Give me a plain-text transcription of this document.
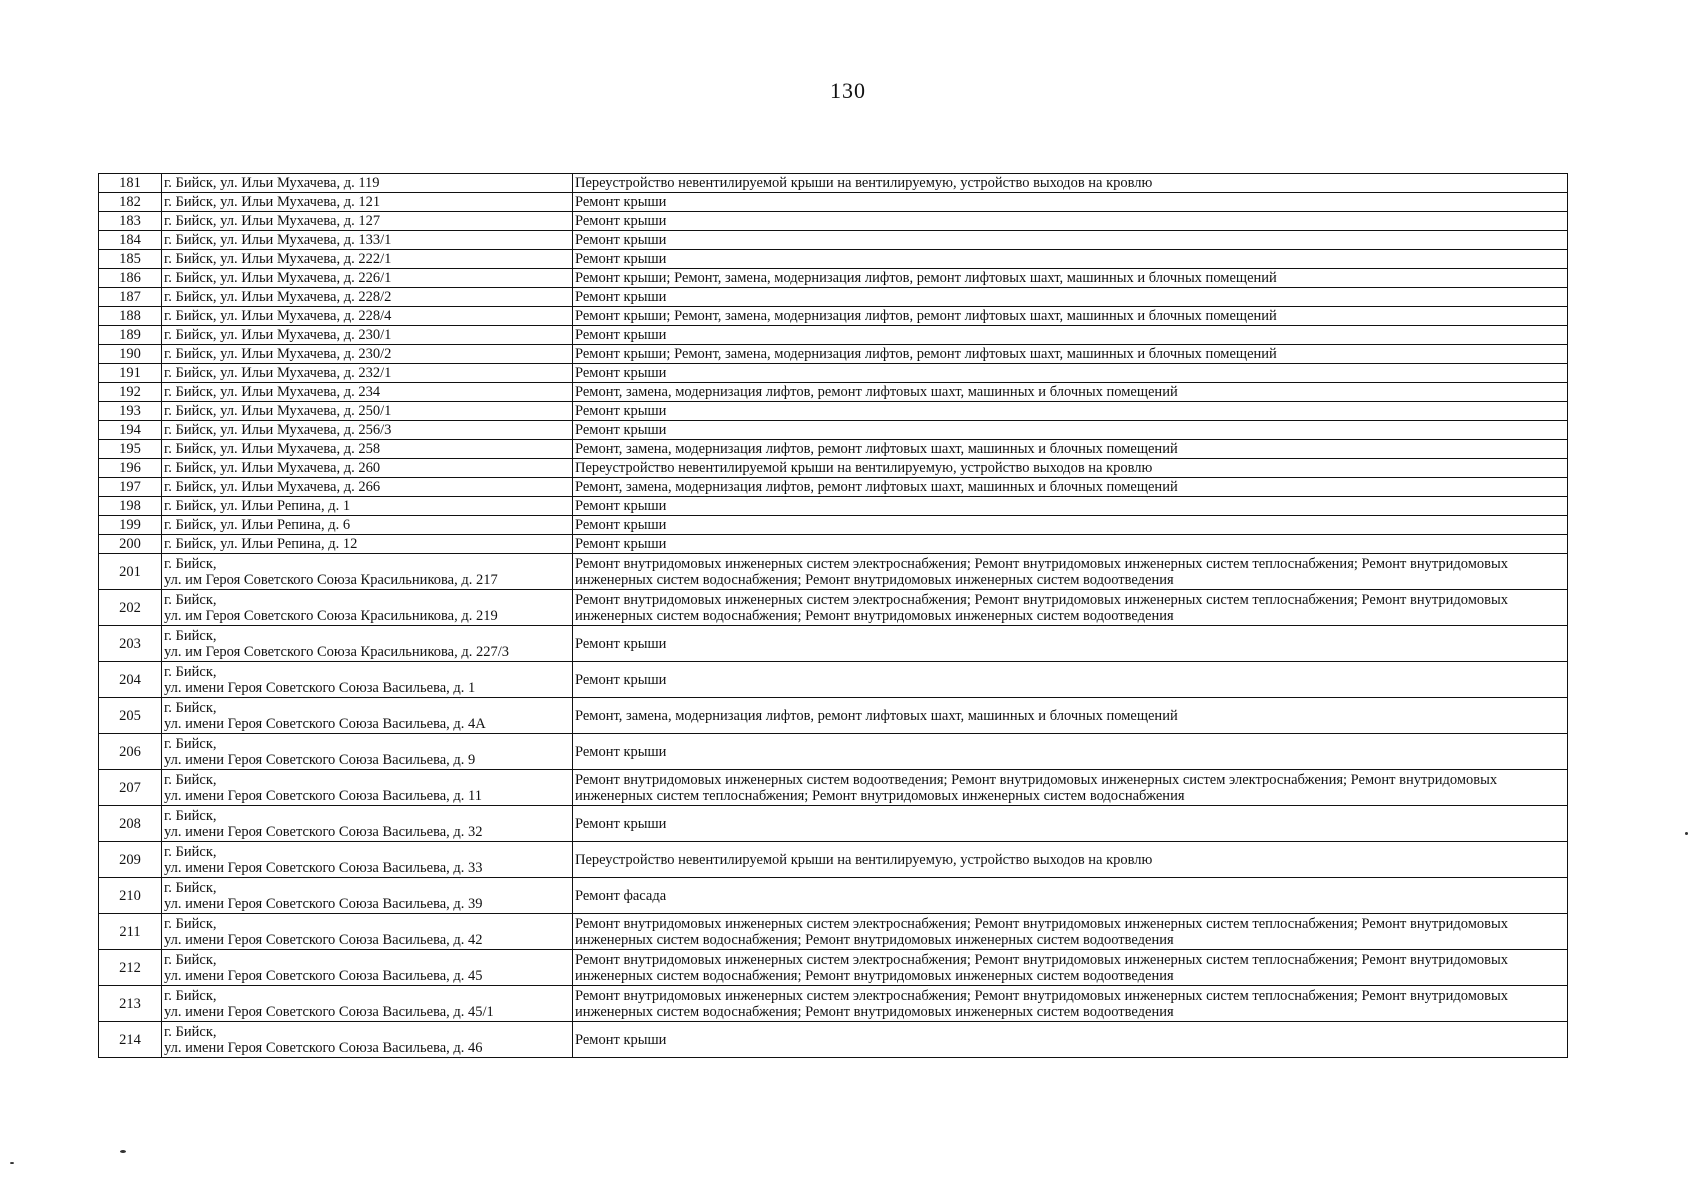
130
181	г. Бийск, ул. Ильи Мухачева, д. 119	Переустройство невентилируемой крыши на вентилируемую, устройство выходов на кровлю
182	г. Бийск, ул. Ильи Мухачева, д. 121	Ремонт крыши
183	г. Бийск, ул. Ильи Мухачева, д. 127	Ремонт крыши
184	г. Бийск, ул. Ильи Мухачева, д. 133/1	Ремонт крыши
185	г. Бийск, ул. Ильи Мухачева, д. 222/1	Ремонт крыши
186	г. Бийск, ул. Ильи Мухачева, д. 226/1	Ремонт крыши; Ремонт, замена, модернизация лифтов, ремонт лифтовых шахт, машинных и блочных помещений
187	г. Бийск, ул. Ильи Мухачева, д. 228/2	Ремонт крыши
188	г. Бийск, ул. Ильи Мухачева, д. 228/4	Ремонт крыши; Ремонт, замена, модернизация лифтов, ремонт лифтовых шахт, машинных и блочных помещений
189	г. Бийск, ул. Ильи Мухачева, д. 230/1	Ремонт крыши
190	г. Бийск, ул. Ильи Мухачева, д. 230/2	Ремонт крыши; Ремонт, замена, модернизация лифтов, ремонт лифтовых шахт, машинных и блочных помещений
191	г. Бийск, ул. Ильи Мухачева, д. 232/1	Ремонт крыши
192	г. Бийск, ул. Ильи Мухачева, д. 234	Ремонт, замена, модернизация лифтов, ремонт лифтовых шахт, машинных и блочных помещений
193	г. Бийск, ул. Ильи Мухачева, д. 250/1	Ремонт крыши
194	г. Бийск, ул. Ильи Мухачева, д. 256/3	Ремонт крыши
195	г. Бийск, ул. Ильи Мухачева, д. 258	Ремонт, замена, модернизация лифтов, ремонт лифтовых шахт, машинных и блочных помещений
196	г. Бийск, ул. Ильи Мухачева, д. 260	Переустройство невентилируемой крыши на вентилируемую, устройство выходов на кровлю
197	г. Бийск, ул. Ильи Мухачева, д. 266	Ремонт, замена, модернизация лифтов, ремонт лифтовых шахт, машинных и блочных помещений
198	г. Бийск, ул. Ильи Репина, д. 1	Ремонт крыши
199	г. Бийск, ул. Ильи Репина, д. 6	Ремонт крыши
200	г. Бийск, ул. Ильи Репина, д. 12	Ремонт крыши
201	г. Бийск,
ул. им Героя Советского Союза Красильникова, д. 217	Ремонт внутридомовых инженерных систем электроснабжения; Ремонт внутридомовых инженерных систем теплоснабжения; Ремонт внутридомовых инженерных систем водоснабжения; Ремонт внутридомовых инженерных систем водоотведения
202	г. Бийск,
ул. им Героя Советского Союза Красильникова, д. 219	Ремонт внутридомовых инженерных систем электроснабжения; Ремонт внутридомовых инженерных систем теплоснабжения; Ремонт внутридомовых инженерных систем водоснабжения; Ремонт внутридомовых инженерных систем водоотведения
203	г. Бийск,
ул. им Героя Советского Союза Красильникова, д. 227/3	Ремонт крыши
204	г. Бийск,
ул. имени Героя Советского Союза Васильева, д. 1	Ремонт крыши
205	г. Бийск,
ул. имени Героя Советского Союза Васильева, д. 4А	Ремонт, замена, модернизация лифтов, ремонт лифтовых шахт, машинных и блочных помещений
206	г. Бийск,
ул. имени Героя Советского Союза Васильева, д. 9	Ремонт крыши
207	г. Бийск,
ул. имени Героя Советского Союза Васильева, д. 11	Ремонт внутридомовых инженерных систем водоотведения; Ремонт внутридомовых инженерных систем электроснабжения; Ремонт внутридомовых инженерных систем теплоснабжения; Ремонт внутридомовых инженерных систем водоснабжения
208	г. Бийск,
ул. имени Героя Советского Союза Васильева, д. 32	Ремонт крыши
209	г. Бийск,
ул. имени Героя Советского Союза Васильева, д. 33	Переустройство невентилируемой крыши на вентилируемую, устройство выходов на кровлю
210	г. Бийск,
ул. имени Героя Советского Союза Васильева, д. 39	Ремонт фасада
211	г. Бийск,
ул. имени Героя Советского Союза Васильева, д. 42	Ремонт внутридомовых инженерных систем электроснабжения; Ремонт внутридомовых инженерных систем теплоснабжения; Ремонт внутридомовых инженерных систем водоснабжения; Ремонт внутридомовых инженерных систем водоотведения
212	г. Бийск,
ул. имени Героя Советского Союза Васильева, д. 45	Ремонт внутридомовых инженерных систем электроснабжения; Ремонт внутридомовых инженерных систем теплоснабжения; Ремонт внутридомовых инженерных систем водоснабжения; Ремонт внутридомовых инженерных систем водоотведения
213	г. Бийск,
ул. имени Героя Советского Союза Васильева, д. 45/1	Ремонт внутридомовых инженерных систем электроснабжения; Ремонт внутридомовых инженерных систем теплоснабжения; Ремонт внутридомовых инженерных систем водоснабжения; Ремонт внутридомовых инженерных систем водоотведения
214	г. Бийск,
ул. имени Героя Советского Союза Васильева, д. 46	Ремонт крыши
